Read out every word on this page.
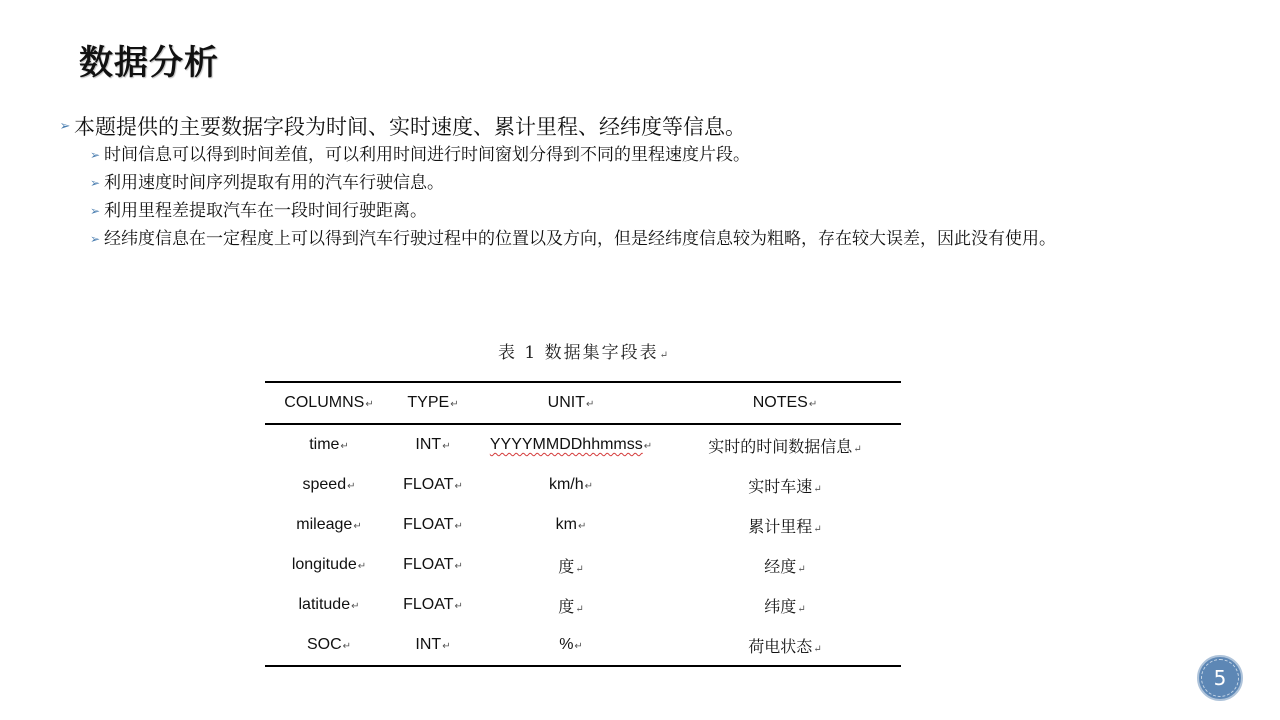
数据分析
➢ 本题提供的主要数据字段为时间、实时速度、累计里程、经纬度等信息。
➢ 时间信息可以得到时间差值，可以利用时间进行时间窗划分得到不同的里程速度片段。
➢ 利用速度时间序列提取有用的汽车行驶信息。
➢ 利用里程差提取汽车在一段时间行驶距离。
➢ 经纬度信息在一定程度上可以得到汽车行驶过程中的位置以及方向，但是经纬度信息较为粗略，存在较大误差，因此没有使用。
表 1 数据集字段表↵
COLUMNS↵	TYPE↵	UNIT↵	NOTES↵
time↵	INT↵	YYYYMMDDhhmmss↵	实时的时间数据信息↵
speed↵	FLOAT↵	km/h↵	实时车速↵
mileage↵	FLOAT↵	km↵	累计里程↵
longitude↵	FLOAT↵	度↵	经度↵
latitude↵	FLOAT↵	度↵	纬度↵
SOC↵	INT↵	%↵	荷电状态↵
5
